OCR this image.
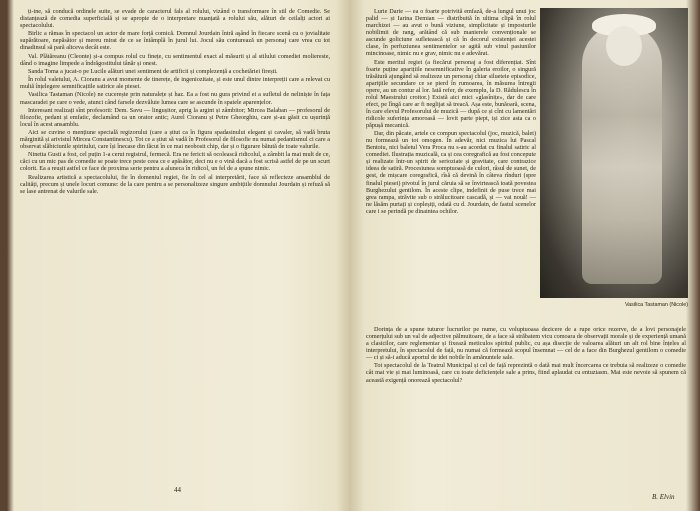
ți-ine, să conducă ordinele suite, se evade de caracterul fals al rolului, vizând o transformare în stil de Comedie. Se distanțează de comedia superficială și se apropie de o interpretare nuanțată a rolului său, alături de ceilalți actori ai spectacolului.

Birlic a rămas în spectacol un actor de mare forță comică. Domnul Jourdain întră aşând în fiecare scenă cu o jovialitate supărătoare, nepăsător și mereu mirat de ce se întâmplă în jurul lui. Jocul său conturează un personaj care vrea cu tot dinadinsul să pară altceva decât este.

Val. Plătăreanu (Cleonte) și-a compus rolul cu finețe, cu sentimentul exact al măsurii și al stilului comediei moliereste, dând o imagine limpede a îndrăgostitului tânăr și onest.

Sanda Toma a jucat-o pe Lucile alături unei sentiment de artificii și complezență a cochetăriei firești.

În rolul valetului, A. Cioranu a avut momente de tinerețe, de ingeniozitate, și este unul dintre interpreții care a relevat cu multă înțelegere semnificațiile satirice ale piesei.

Vasilica Tastaman (Nicole) ne cucerește prin naturalețe și haz. Ea a fost nu gura privind ei a sufletul de neliniște în fața mascaradei pe care o vede, atunci când farsele dezvăluie lumea care se ascunde în spatele aparențelor.

Interesant realizați sînt profesorii: Dem. Savu — lingușitor, aprig la argint și zâmbitor; Mircea Balaban — profesorul de filozofie, pedant și emfatic, declamând ca un orator antic; Aurel Cioranu și Petre Gheorghiu, care și-au găsit cu ușurință locul în acest ansamblu.

Aici se cuvine o mențiune specială regizorului (care a știut ca în figura spadasinului elegant și cavaler, să vadă bruta mărginită și arivistul Mircea Constantinescu). Tot ce a știut să vadă în Profesorul de filosofie nu numai pedantismul ci care a observat slăbiciunile spiritului, care își înecase din făcut în ce mai neobosit chip, dar și o figurare bătută de toate valurile.

Ninetta Gusti a fost, cel puțin 1-a cerut registrul, fermecă. Era ne fericit să ocolească ridicolul, a zâmbit la mai mult de ce, căci cu un mic pas de comedie se poate trece peste ceea ce e apăsător, deci nu e o vină dacă a fost scrisă astfel de pe un scurt colorit. Ea a reușit astfel ce face de proxima serie pentru a aluneca în ridicol, un fel de a spune nimic.

Realizarea artistică a spectacolului, fie în domeniul regiei, fie în cel al interpretării, face să reflecteze ansamblul de calități, precum și unele locuri comune: de la care pentru a se personalizeze singure ambițiile domnului Jourdain și refuză să se lase antrenat de valurile sale.

44

Lurie Darie — ea o foarte potrivită emfază, de-a lungul unui joc palid — și Iarina Demian — distribuită în ultima clipă în rolul marchizei — au avut o bună viziune, simplicitate și imposturile nobilimii de rang, arătând că sub manierele convenționale se ascunde goliciune sufletească și că în decorul existenței acestei clase, în perfuziunea sentimentelor se agită sub vinul pasiunilor mincinoase, nimic nu e grav, nimic nu e adevărat.

Este meritul regiei (a fiecărui personaj a fost diferențiat. Sînt foarte puține aparițiile nesemnificative în galeria eroilor, o singură trăsătură ajungând să realizeze un personaj chiar silueteie episodice, apariţiile secundare ce se pierd în rumoarea, în măsurea întregii opere, au un contur al lor. Iată refer, de exemplu, la D. Rădulescu în rolul Maestrului croitor.) Există aici mici «glasînițe», dar de care efect, pe lîngă care ar fi neglijat să treacă. Așa este, bunăoară, scena, în care elevul Profesorului de muzică — după ce și cînt cu lamentări ridicole suferința amoroasă — lovit parte piept, iși zice asta ca o păpușă mecanică.

Dar, din păcate, artele ce compun spectacolul (joc, muzică, balet) nu formează un tot omogen. În adevăr, nici muzica lui Pascal Bentoiu, nici baletul Vera Proca nu s-au acordat cu finalul satiric al comediei. Ilustrația muzicală, ca și cea coregrafică au fost concepute și realizate într-un spirit de serioziate și gravitate, care contrazice ideea de satiră. Procesiunea somptuoasă de culori, râsul de sunet, de gest, de mișcare coregrafică, rîsă că devină în câteva rînduri (spre finalul piesei) pivotul în jurul căruia să se învirtească toată povestea Burghezului gentilom. În aceste clipe, indefinit de puse trece mai grea rampa, străvite sub o strălucitoare cascadă, și — vai nouă! — ne lăsăm purtați și copleșiți, odată cu d. Jourdain, de fastul scenelor care i se perindă pe dinaintea ochilor.

Vasilica Tastaman (Nicole)

Dorința de a spune tuturor lucrurilor pe nume, cu voluptuoasa dezicere de a rupe orice rezerve, de a lovi personajele comerțului sub un val de adjective pălmuitoare, de a face să străbatem vicu comoara de observații morale și de experiență umană a clasicilor, care reglementar și fixează meticulos spiritul public, cu așa disecție de valoarea alături un alt rol bine înțeles al interpretului, în spectacolul de față, nu numai că formează scopul însemnat — cel de a face din Burghezul gentilom o comedie — ci și să-i aducă aportul de idei nobile în amănuntele sale.

Tot spectacolul de la Teatrul Municipal și cel de față reprezintă o dată mai mult încercarea ce trebuia să realizeze o comedie cât mai vie și mai luminoasă, care cu toate deficiențele sale a prins, fiind aplaudat cu entuziasm. Mai este nevoie să spunem că această exigență onorează spectacolul?

B. Elvin
